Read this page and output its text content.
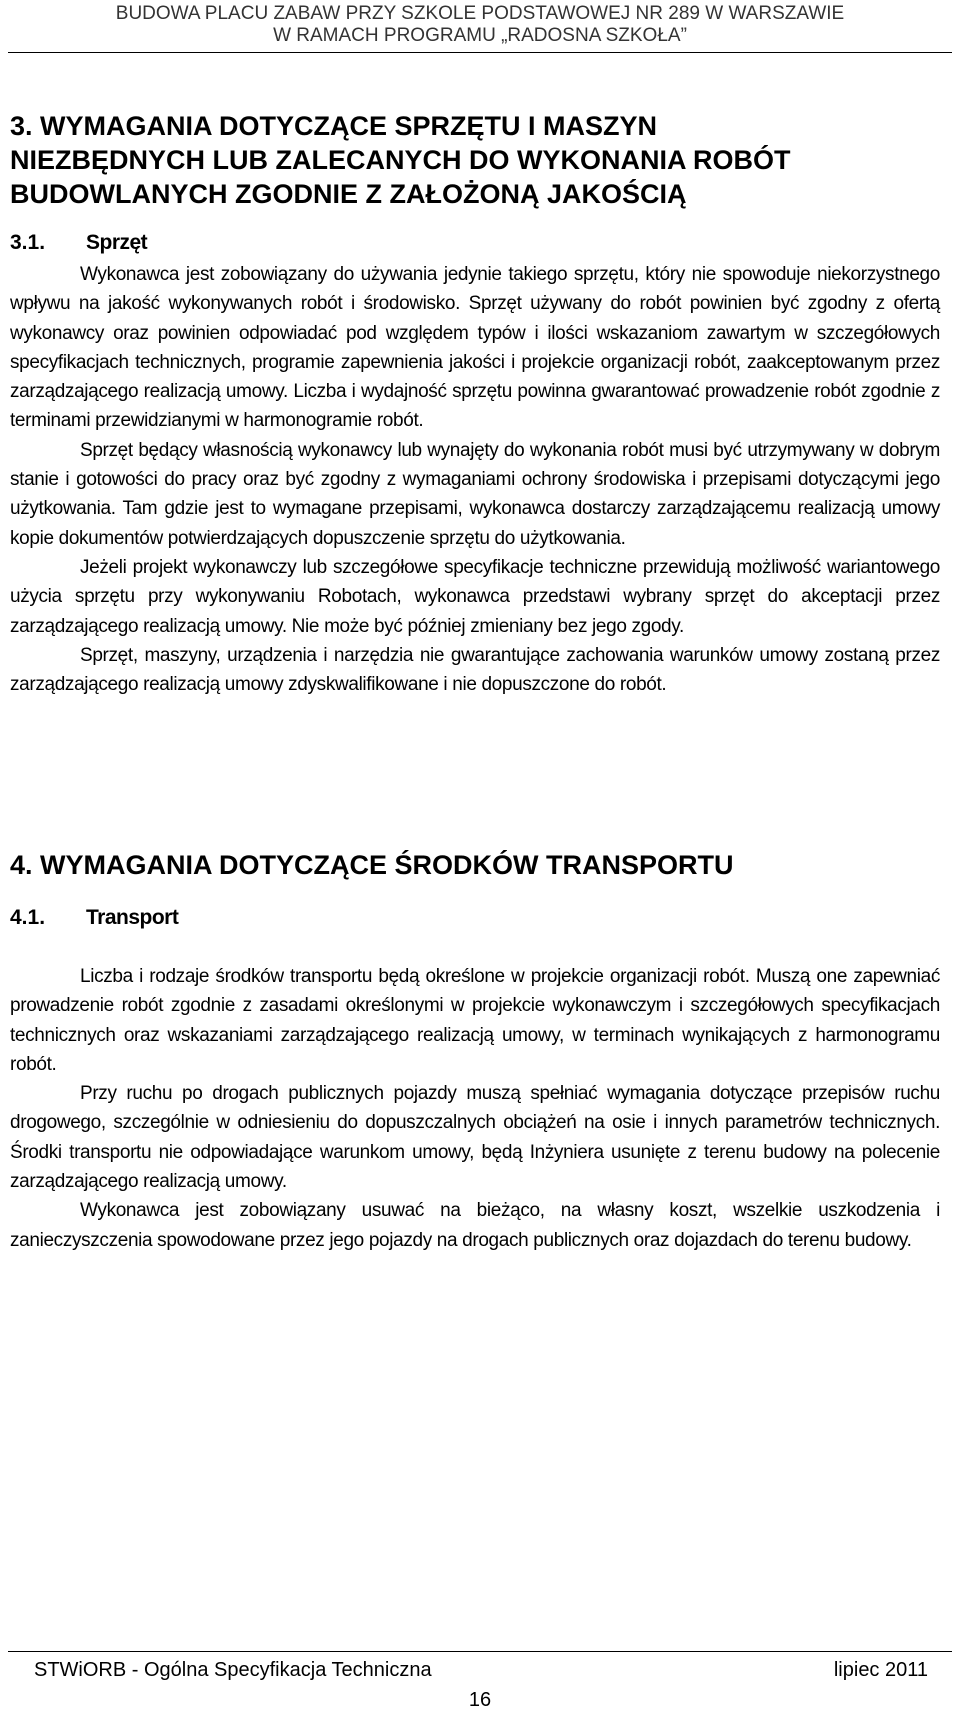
BUDOWA PLACU ZABAW PRZY SZKOLE PODSTAWOWEJ NR 289 W WARSZAWIE
W RAMACH PROGRAMU „RADOSNA SZKOŁA”
3. WYMAGANIA DOTYCZĄCE SPRZĘTU I MASZYN
NIEZBĘDNYCH LUB ZALECANYCH DO WYKONANIA ROBÓT
BUDOWLANYCH ZGODNIE Z ZAŁOŻONĄ JAKOŚCIĄ
3.1. Sprzęt

Wykonawca jest zobowiązany do używania jedynie takiego sprzętu, który nie spowoduje niekorzystnego wpływu na jakość wykonywanych robót i środowisko. Sprzęt używany do robót powinien być zgodny z ofertą wykonawcy oraz powinien odpowiadać pod względem typów i ilości wskazaniom zawartym w szczegółowych specyfikacjach technicznych, programie zapewnienia jakości i projekcie organizacji robót, zaakceptowanym przez zarządzającego realizacją umowy. Liczba i wydajność sprzętu powinna gwarantować prowadzenie robót zgodnie z terminami przewidzianymi w harmonogramie robót.

Sprzęt będący własnością wykonawcy lub wynajęty do wykonania robót musi być utrzymywany w dobrym stanie i gotowości do pracy oraz być zgodny z wymaganiami ochrony środowiska i przepisami dotyczącymi jego użytkowania. Tam gdzie jest to wymagane przepisami, wykonawca dostarczy zarządzającemu realizacją umowy kopie dokumentów potwierdzających dopuszczenie sprzętu do użytkowania.

Jeżeli projekt wykonawczy lub szczegółowe specyfikacje techniczne przewidują możliwość wariantowego użycia sprzętu przy wykonywaniu Robotach, wykonawca przedstawi wybrany sprzęt do akceptacji przez zarządzającego realizacją umowy. Nie może być później zmieniany bez jego zgody.

Sprzęt, maszyny, urządzenia i narzędzia nie gwarantujące zachowania warunków umowy zostaną przez zarządzającego realizacją umowy zdyskwalifikowane i nie dopuszczone do robót.

4. WYMAGANIA DOTYCZĄCE ŚRODKÓW TRANSPORTU
4.1. Transport

Liczba i rodzaje środków transportu będą określone w projekcie organizacji robót. Muszą one zapewniać prowadzenie robót zgodnie z zasadami określonymi w projekcie wykonawczym i szczegółowych specyfikacjach technicznych oraz wskazaniami zarządzającego realizacją umowy, w terminach wynikających z harmonogramu robót.

Przy ruchu po drogach publicznych pojazdy muszą spełniać wymagania dotyczące przepisów ruchu drogowego, szczególnie w odniesieniu do dopuszczalnych obciążeń na osie i innych parametrów technicznych. Środki transportu nie odpowiadające warunkom umowy, będą Inżyniera usunięte z terenu budowy na polecenie zarządzającego realizacją umowy.

Wykonawca jest zobowiązany usuwać na bieżąco, na własny koszt, wszelkie uszkodzenia i zanieczyszczenia spowodowane przez jego pojazdy na drogach publicznych oraz dojazdach do terenu budowy.

STWiORB - Ogólna Specyfikacja Techniczna	lipiec 2011
16
